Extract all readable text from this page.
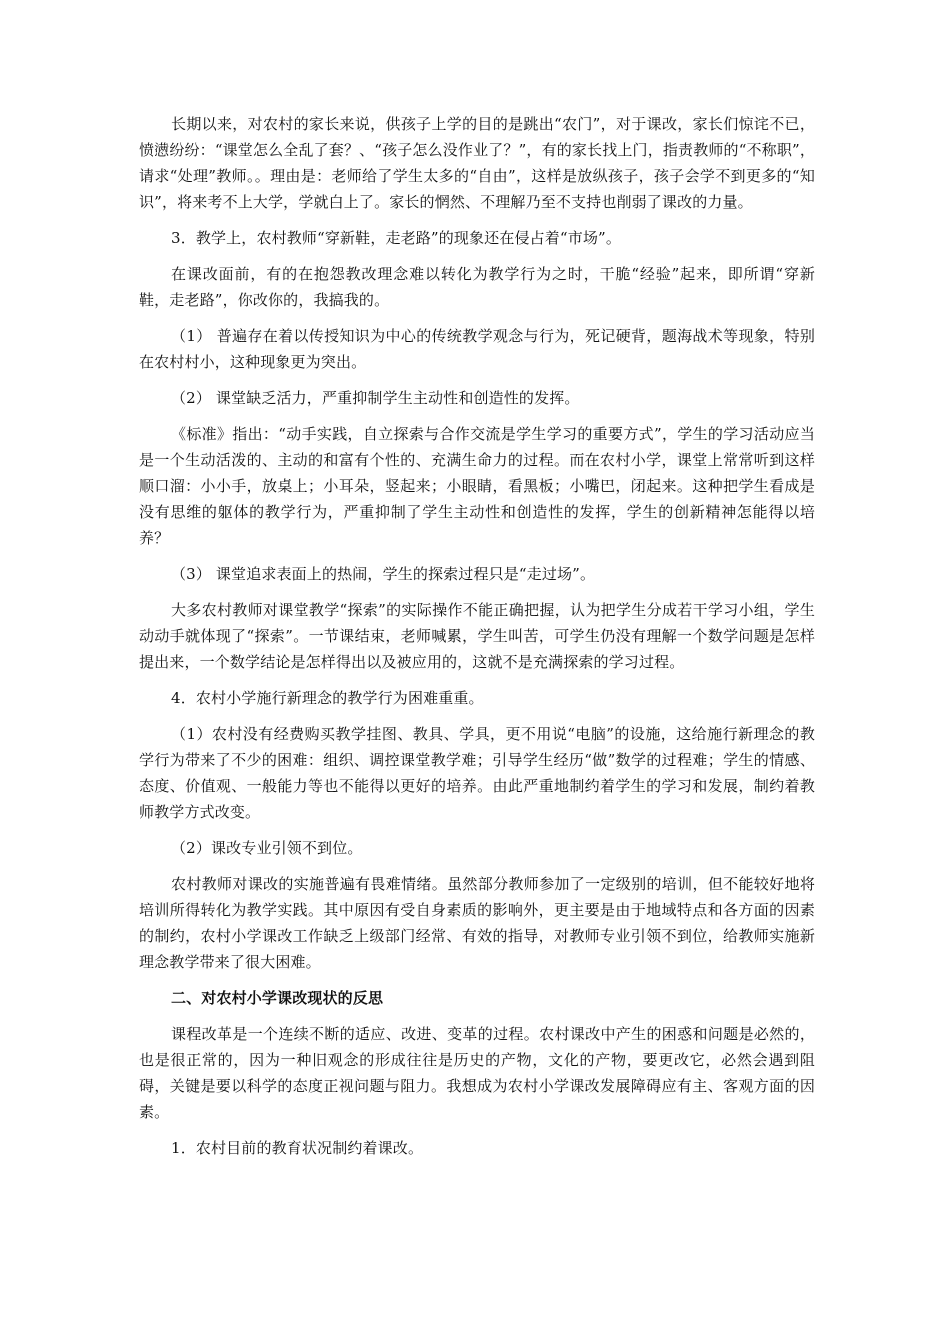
长期以来，对农村的家长来说，供孩子上学的目的是跳出“农门”，对于课改，家长们惊诧不已，愤懑纷纷：“课堂怎么全乱了套？、“孩子怎么没作业了？”，有的家长找上门，指责教师的“不称职”，请求“处理”教师。。理由是：老师给了学生太多的“自由”，这样是放纵孩子，孩子会学不到更多的“知识”，将来考不上大学，学就白上了。家长的惘然、不理解乃至不支持也削弱了课改的力量。

3．教学上，农村教师“穿新鞋，走老路”的现象还在侵占着“市场”。

在课改面前，有的在抱怨教改理念难以转化为教学行为之时，干脆“经验”起来，即所谓“穿新鞋，走老路”，你改你的，我搞我的。

（1） 普遍存在着以传授知识为中心的传统教学观念与行为，死记硬背，题海战术等现象，特别在农村村小，这种现象更为突出。

（2） 课堂缺乏活力，严重抑制学生主动性和创造性的发挥。

《标准》指出：“动手实践，自立探索与合作交流是学生学习的重要方式”，学生的学习活动应当是一个生动活泼的、主动的和富有个性的、充满生命力的过程。而在农村小学，课堂上常常听到这样顺口溜：小小手，放桌上；小耳朵，竖起来；小眼睛，看黑板；小嘴巴，闭起来。这种把学生看成是没有思维的躯体的教学行为，严重抑制了学生主动性和创造性的发挥，学生的创新精神怎能得以培养？

（3） 课堂追求表面上的热闹，学生的探索过程只是“走过场”。

大多农村教师对课堂教学“探索”的实际操作不能正确把握，认为把学生分成若干学习小组，学生动动手就体现了“探索”。一节课结束，老师喊累，学生叫苦，可学生仍没有理解一个数学问题是怎样提出来，一个数学结论是怎样得出以及被应用的，这就不是充满探索的学习过程。

4．农村小学施行新理念的教学行为困难重重。

（1）农村没有经费购买教学挂图、教具、学具，更不用说“电脑”的设施，这给施行新理念的教学行为带来了不少的困难：组织、调控课堂教学难；引导学生经历“做”数学的过程难；学生的情感、态度、价值观、一般能力等也不能得以更好的培养。由此严重地制约着学生的学习和发展，制约着教师教学方式改变。

（2）课改专业引领不到位。

农村教师对课改的实施普遍有畏难情绪。虽然部分教师参加了一定级别的培训，但不能较好地将培训所得转化为教学实践。其中原因有受自身素质的影响外，更主要是由于地域特点和各方面的因素的制约，农村小学课改工作缺乏上级部门经常、有效的指导，对教师专业引领不到位，给教师实施新理念教学带来了很大困难。

二、对农村小学课改现状的反思

课程改革是一个连续不断的适应、改进、变革的过程。农村课改中产生的困惑和问题是必然的，也是很正常的，因为一种旧观念的形成往往是历史的产物，文化的产物，要更改它，必然会遇到阻碍，关键是要以科学的态度正视问题与阻力。我想成为农村小学课改发展障碍应有主、客观方面的因素。

1．农村目前的教育状况制约着课改。
